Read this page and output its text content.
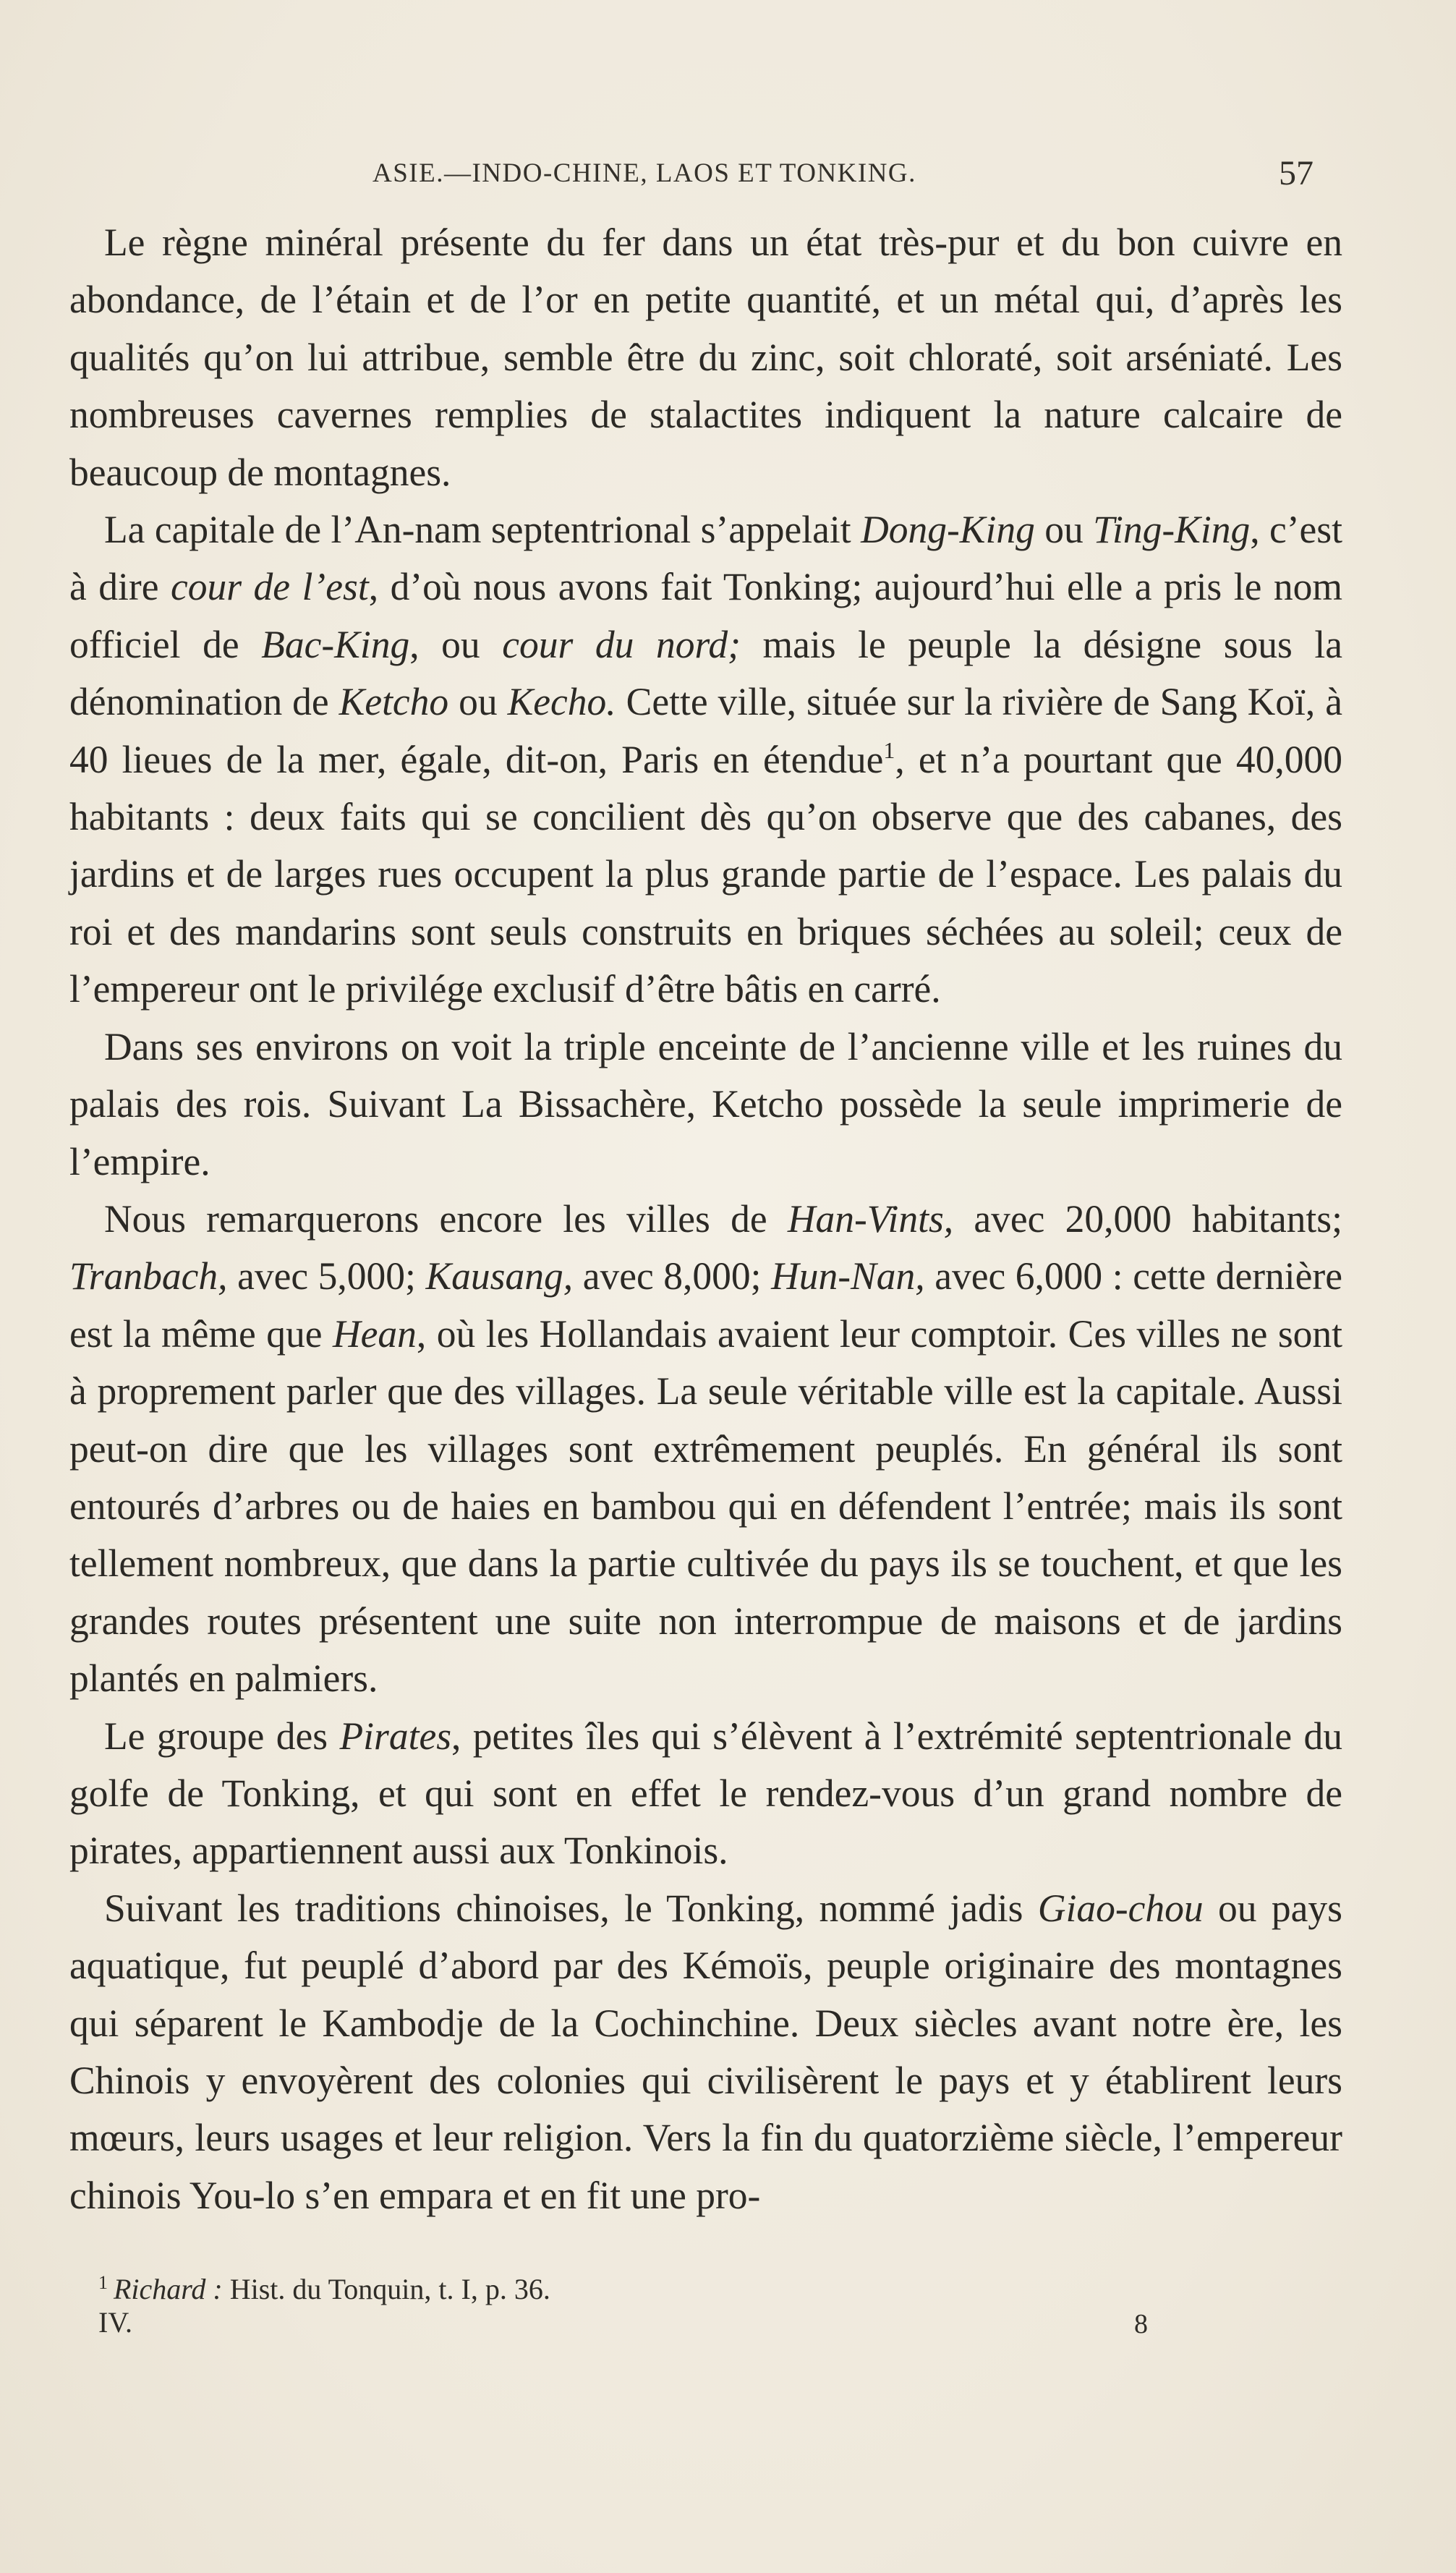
ASIE.—INDO-CHINE, LAOS ET TONKING.	57

Le règne minéral présente du fer dans un état très-pur et du bon cuivre en abondance, de l’étain et de l’or en petite quantité, et un métal qui, d’après les qualités qu’on lui attribue, semble être du zinc, soit chloraté, soit arséniaté. Les nombreuses cavernes remplies de stalactites indiquent la nature calcaire de beaucoup de montagnes.

La capitale de l’An-nam septentrional s’appelait Dong-King ou Ting-King, c’est à dire cour de l’est, d’où nous avons fait Tonking; aujourd’hui elle a pris le nom officiel de Bac-King, ou cour du nord; mais le peuple la désigne sous la dénomination de Ketcho ou Kecho. Cette ville, située sur la rivière de Sang Koï, à 40 lieues de la mer, égale, dit-on, Paris en étendue$^1$, et n’a pourtant que 40,000 habitants : deux faits qui se concilient dès qu’on observe que des cabanes, des jardins et de larges rues occupent la plus grande partie de l’espace. Les palais du roi et des mandarins sont seuls construits en briques séchées au soleil; ceux de l’empereur ont le privilége exclusif d’être bâtis en carré.

Dans ses environs on voit la triple enceinte de l’ancienne ville et les ruines du palais des rois. Suivant La Bissachère, Ketcho possède la seule imprimerie de l’empire.

Nous remarquerons encore les villes de Han-Vints, avec 20,000 habitants; Tranbach, avec 5,000; Kausang, avec 8,000; Hun-Nan, avec 6,000 : cette dernière est la même que Hean, où les Hollandais avaient leur comptoir. Ces villes ne sont à proprement parler que des villages. La seule véritable ville est la capitale. Aussi peut-on dire que les villages sont extrêmement peuplés. En général ils sont entourés d’arbres ou de haies en bambou qui en défendent l’entrée; mais ils sont tellement nombreux, que dans la partie cultivée du pays ils se touchent, et que les grandes routes présentent une suite non interrompue de maisons et de jardins plantés en palmiers.

Le groupe des Pirates, petites îles qui s’élèvent à l’extrémité septentrionale du golfe de Tonking, et qui sont en effet le rendez-vous d’un grand nombre de pirates, appartiennent aussi aux Tonkinois.

Suivant les traditions chinoises, le Tonking, nommé jadis Giao-chou ou pays aquatique, fut peuplé d’abord par des Kémoïs, peuple originaire des montagnes qui séparent le Kambodje de la Cochinchine. Deux siècles avant notre ère, les Chinois y envoyèrent des colonies qui civilisèrent le pays et y établirent leurs mœurs, leurs usages et leur religion. Vers la fin du quatorzième siècle, l’empereur chinois You-lo s’en empara et en fit une pro-

$^1$ Richard : Hist. du Tonquin, t. I, p. 36.
IV.	8
